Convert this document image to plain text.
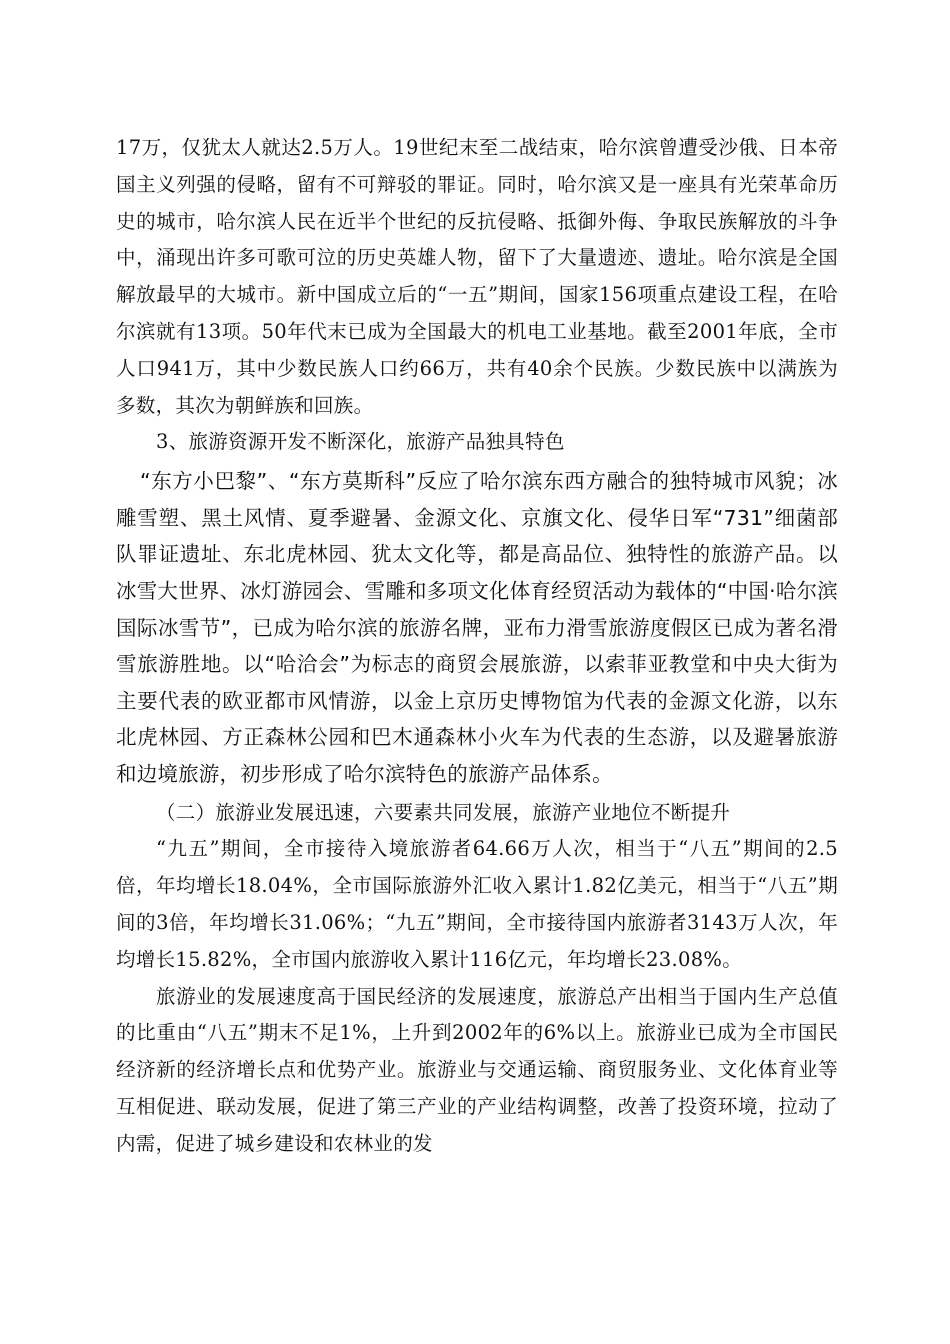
17万，仅犹太人就达2.5万人。19世纪末至二战结束，哈尔滨曾遭受沙俄、日本帝国主义列强的侵略，留有不可辩驳的罪证。同时，哈尔滨又是一座具有光荣革命历史的城市，哈尔滨人民在近半个世纪的反抗侵略、抵御外侮、争取民族解放的斗争中，涌现出许多可歌可泣的历史英雄人物，留下了大量遗迹、遗址。哈尔滨是全国解放最早的大城市。新中国成立后的“一五”期间，国家156项重点建设工程，在哈尔滨就有13项。50年代末已成为全国最大的机电工业基地。截至2001年底，全市人口941万，其中少数民族人口约66万，共有40余个民族。少数民族中以满族为多数，其次为朝鲜族和回族。

3、旅游资源开发不断深化，旅游产品独具特色

“东方小巴黎”、“东方莫斯科”反应了哈尔滨东西方融合的独特城市风貌；冰雕雪塑、黑土风情、夏季避暑、金源文化、京旗文化、侵华日军“731”细菌部队罪证遗址、东北虎林园、犹太文化等，都是高品位、独特性的旅游产品。以冰雪大世界、冰灯游园会、雪雕和多项文化体育经贸活动为载体的“中国·哈尔滨国际冰雪节”，已成为哈尔滨的旅游名牌，亚布力滑雪旅游度假区已成为著名滑雪旅游胜地。以“哈洽会”为标志的商贸会展旅游，以索菲亚教堂和中央大街为主要代表的欧亚都市风情游，以金上京历史博物馆为代表的金源文化游，以东北虎林园、方正森林公园和巴木通森林小火车为代表的生态游，以及避暑旅游和边境旅游，初步形成了哈尔滨特色的旅游产品体系。

（二）旅游业发展迅速，六要素共同发展，旅游产业地位不断提升

“九五”期间，全市接待入境旅游者64.66万人次，相当于“八五”期间的2.5倍，年均增长18.04%，全市国际旅游外汇收入累计1.82亿美元，相当于“八五”期间的3倍，年均增长31.06%；“九五”期间，全市接待国内旅游者3143万人次，年均增长15.82%，全市国内旅游收入累计116亿元，年均增长23.08%。

旅游业的发展速度高于国民经济的发展速度，旅游总产出相当于国内生产总值的比重由“八五”期末不足1%，上升到2002年的6%以上。旅游业已成为全市国民经济新的经济增长点和优势产业。旅游业与交通运输、商贸服务业、文化体育业等互相促进、联动发展，促进了第三产业的产业结构调整，改善了投资环境，拉动了内需，促进了城乡建设和农林业的发
